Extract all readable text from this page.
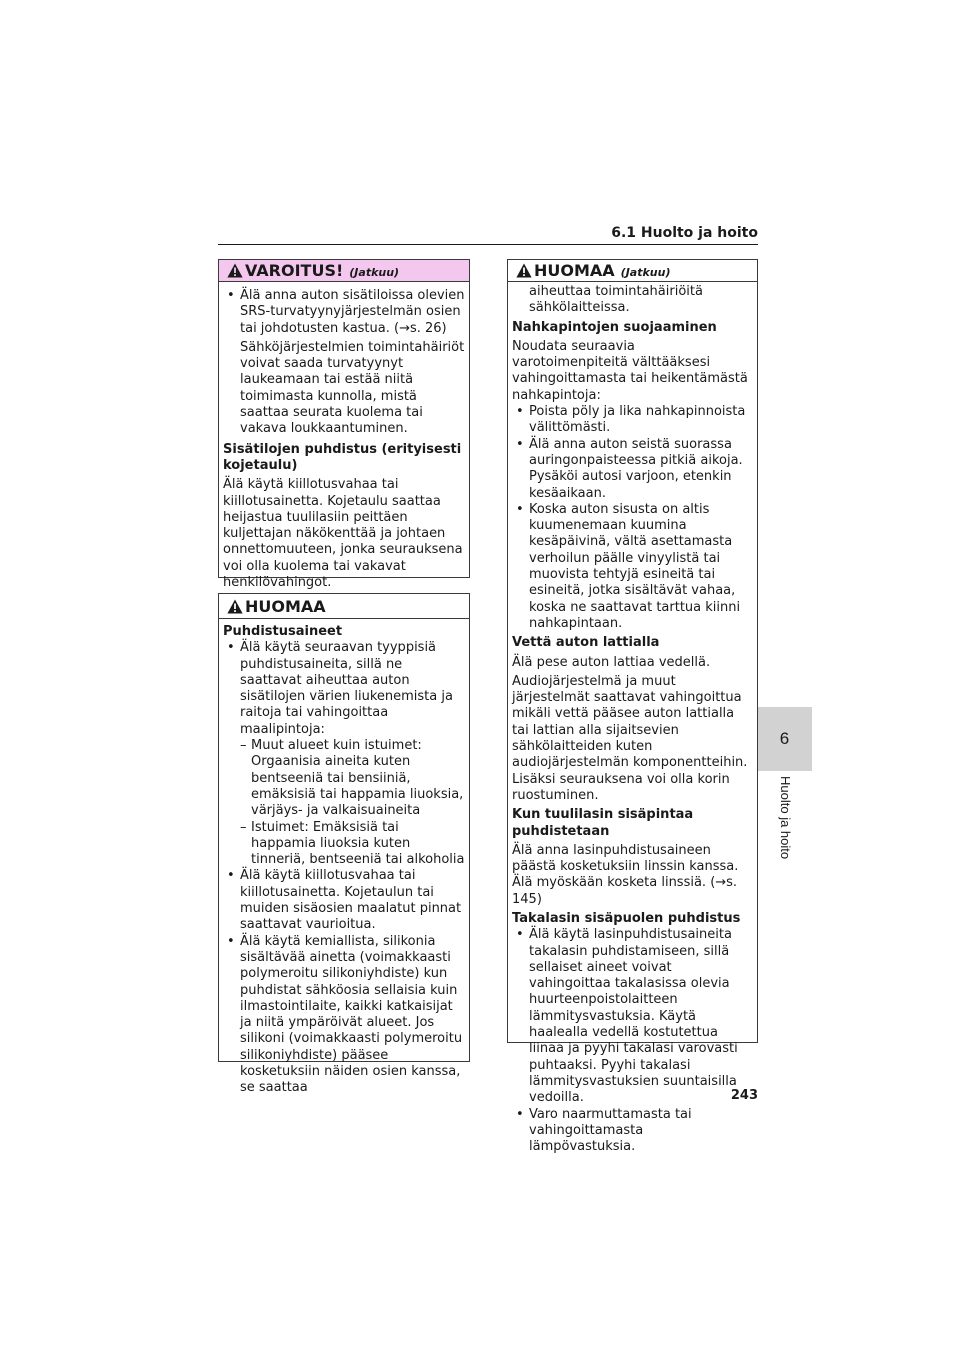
6.1 Huolto ja hoito
6
Huolto ja hoito
VAROITUS! (Jatkuu)
• Älä anna auton sisätiloissa olevien SRS-turvatyynyjärjestelmän osien tai johdotusten kastua. (→s. 26)
Sähköjärjestelmien toimintahäiriöt voivat saada turvatyynyt laukeamaan tai estää niitä toimimasta kunnolla, mistä saattaa seurata kuolema tai vakava loukkaantuminen.
Sisätilojen puhdistus (erityisesti kojetaulu)
Älä käytä kiillotusvahaa tai kiillotusainetta. Kojetaulu saattaa heijastua tuulilasiin peittäen kuljettajan näkökenttää ja johtaen onnettomuuteen, jonka seurauksena voi olla kuolema tai vakavat henkilövahingot.
HUOMAA
Puhdistusaineet
• Älä käytä seuraavan tyyppisiä puhdistusaineita, sillä ne saattavat aiheuttaa auton sisätilojen värien liukenemista ja raitoja tai vahingoittaa maalipintoja:
– Muut alueet kuin istuimet: Orgaanisia aineita kuten bentseeniä tai bensiiniä, emäksisiä tai happamia liuoksia, värjäys- ja valkaisuaineita
– Istuimet: Emäksisiä tai happamia liuoksia kuten tinneriä, bentseeniä tai alkoholia
• Älä käytä kiillotusvahaa tai kiillotusainetta. Kojetaulun tai muiden sisäosien maalatut pinnat saattavat vaurioitua.
• Älä käytä kemiallista, silikonia sisältävää ainetta (voimakkaasti polymeroitu silikoniyhdiste) kun puhdistat sähköosia sellaisia kuin ilmastointilaite, kaikki katkaisijat ja niitä ympäröivät alueet. Jos silikoni (voimakkaasti polymeroitu silikoniyhdiste) pääsee kosketuksiin näiden osien kanssa, se saattaa
HUOMAA (Jatkuu)
aiheuttaa toimintahäiriöitä sähkölaitteissa.
Nahkapintojen suojaaminen
Noudata seuraavia varotoimenpiteitä välttääksesi vahingoittamasta tai heikentämästä nahkapintoja:
• Poista pöly ja lika nahkapinnoista välittömästi.
• Älä anna auton seistä suorassa auringonpaisteessa pitkiä aikoja. Pysäköi autosi varjoon, etenkin kesäaikaan.
• Koska auton sisusta on altis kuumenemaan kuumina kesäpäivinä, vältä asettamasta verhoilun päälle vinyylistä tai muovista tehtyjä esineitä tai esineitä, jotka sisältävät vahaa, koska ne saattavat tarttua kiinni nahkapintaan.
Vettä auton lattialla
Älä pese auton lattiaa vedellä.
Audiojärjestelmä ja muut järjestelmät saattavat vahingoittua mikäli vettä pääsee auton lattialla tai lattian alla sijaitsevien sähkölaitteiden kuten audiojärjestelmän komponentteihin. Lisäksi seurauksena voi olla korin ruostuminen.
Kun tuulilasin sisäpintaa puhdistetaan
Älä anna lasinpuhdistusaineen päästä kosketuksiin linssin kanssa. Älä myöskään kosketa linssiä. (→s. 145)
Takalasin sisäpuolen puhdistus
• Älä käytä lasinpuhdistusaineita takalasin puhdistamiseen, sillä sellaiset aineet voivat vahingoittaa takalasissa olevia huurteenpoistolaitteen lämmitysvastuksia. Käytä haalealla vedellä kostutettua liinaa ja pyyhi takalasi varovasti puhtaaksi. Pyyhi takalasi lämmitysvastuksien suuntaisilla vedoilla.
• Varo naarmuttamasta tai vahingoittamasta lämpövastuksia.
243
